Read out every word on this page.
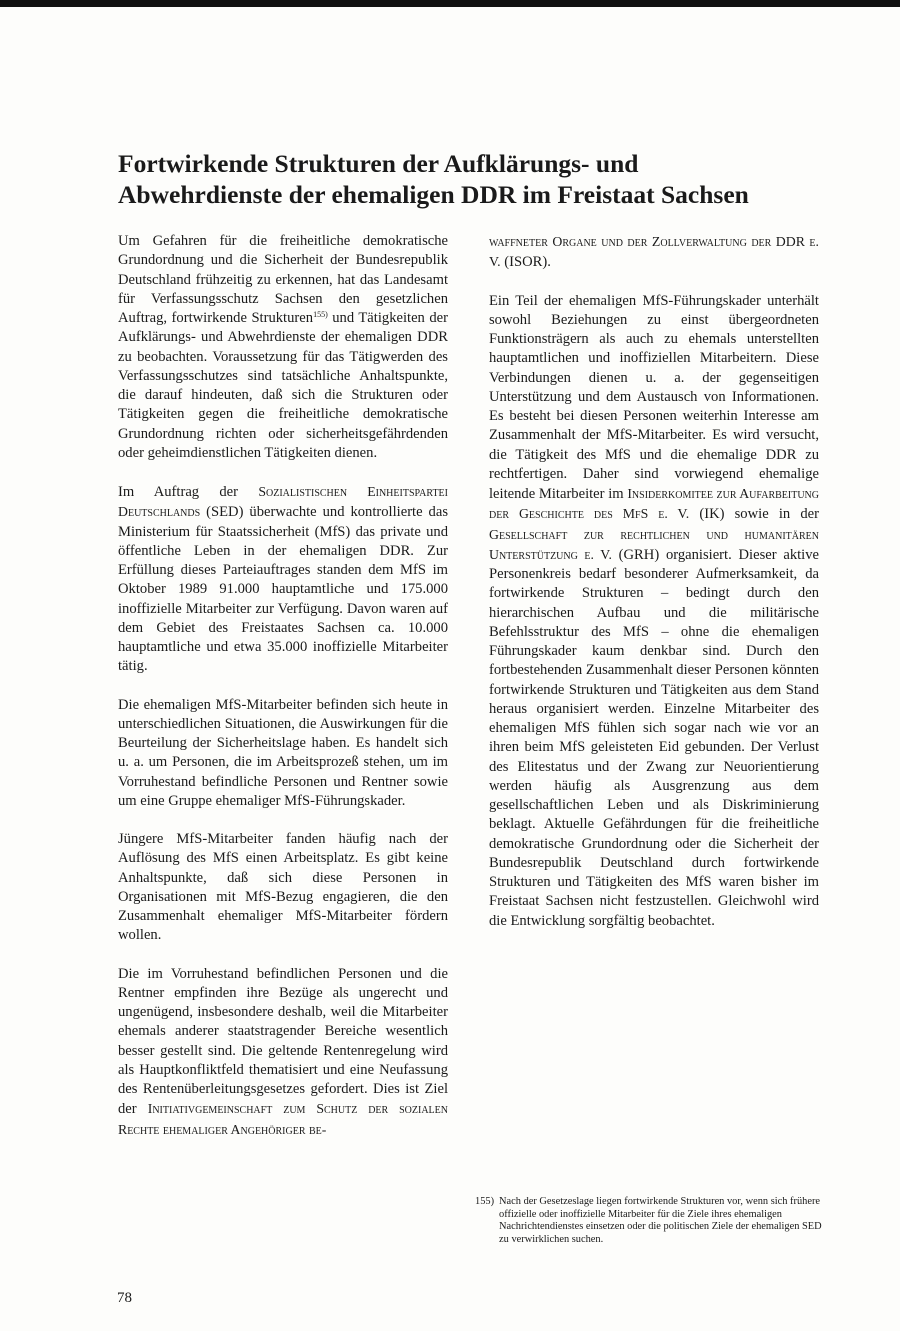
Fortwirkende Strukturen der Aufklärungs- und
Abwehrdienste der ehemaligen DDR im Freistaat Sachsen

Um Gefahren für die freiheitliche demokratische Grundordnung und die Sicherheit der Bundesrepublik Deutschland frühzeitig zu erkennen, hat das Landesamt für Verfassungsschutz Sachsen den gesetzlichen Auftrag, fortwirkende Strukturen$^{155)}$ und Tätigkeiten der Aufklärungs- und Abwehrdienste der ehemaligen DDR zu beobachten. Voraussetzung für das Tätigwerden des Verfassungsschutzes sind tatsächliche Anhaltspunkte, die darauf hindeuten, daß sich die Strukturen oder Tätigkeiten gegen die freiheitliche demokratische Grundordnung richten oder sicherheitsgefährdenden oder geheimdienstlichen Tätigkeiten dienen.

Im Auftrag der Sozialistischen Einheitspartei Deutschlands (SED) überwachte und kontrollierte das Ministerium für Staatssicherheit (MfS) das private und öffentliche Leben in der ehemaligen DDR. Zur Erfüllung dieses Parteiauftrages standen dem MfS im Oktober 1989 91.000 hauptamtliche und 175.000 inoffizielle Mitarbeiter zur Verfügung. Davon waren auf dem Gebiet des Freistaates Sachsen ca. 10.000 hauptamtliche und etwa 35.000 inoffizielle Mitarbeiter tätig.

Die ehemaligen MfS-Mitarbeiter befinden sich heute in unterschiedlichen Situationen, die Auswirkungen für die Beurteilung der Sicherheitslage haben. Es handelt sich u. a. um Personen, die im Arbeitsprozeß stehen, um im Vorruhestand befindliche Personen und Rentner sowie um eine Gruppe ehemaliger MfS-Führungskader.

Jüngere MfS-Mitarbeiter fanden häufig nach der Auflösung des MfS einen Arbeitsplatz. Es gibt keine Anhaltspunkte, daß sich diese Personen in Organisationen mit MfS-Bezug engagieren, die den Zusammenhalt ehemaliger MfS-Mitarbeiter fördern wollen.

Die im Vorruhestand befindlichen Personen und die Rentner empfinden ihre Bezüge als ungerecht und ungenügend, insbesondere deshalb, weil die Mitarbeiter ehemals anderer staatstragender Bereiche wesentlich besser gestellt sind. Die geltende Rentenregelung wird als Hauptkonfliktfeld thematisiert und eine Neufassung des Rentenüberleitungsgesetzes gefordert. Dies ist Ziel der Initiativgemeinschaft zum Schutz der sozialen Rechte ehemaliger Angehöriger be-

waffneter Organe und der Zollverwaltung der DDR e. V. (ISOR).

Ein Teil der ehemaligen MfS-Führungskader unterhält sowohl Beziehungen zu einst übergeordneten Funktionsträgern als auch zu ehemals unterstellten hauptamtlichen und inoffiziellen Mitarbeitern. Diese Verbindungen dienen u. a. der gegenseitigen Unterstützung und dem Austausch von Informationen. Es besteht bei diesen Personen weiterhin Interesse am Zusammenhalt der MfS-Mitarbeiter. Es wird versucht, die Tätigkeit des MfS und die ehemalige DDR zu rechtfertigen. Daher sind vorwiegend ehemalige leitende Mitarbeiter im Insiderkomitee zur Aufarbeitung der Geschichte des MfS e. V. (IK) sowie in der Gesellschaft zur rechtlichen und humanitären Unterstützung e. V. (GRH) organisiert. Dieser aktive Personenkreis bedarf besonderer Aufmerksamkeit, da fortwirkende Strukturen – bedingt durch den hierarchischen Aufbau und die militärische Befehlsstruktur des MfS – ohne die ehemaligen Führungskader kaum denkbar sind. Durch den fortbestehenden Zusammenhalt dieser Personen könnten fortwirkende Strukturen und Tätigkeiten aus dem Stand heraus organisiert werden. Einzelne Mitarbeiter des ehemaligen MfS fühlen sich sogar nach wie vor an ihren beim MfS geleisteten Eid gebunden. Der Verlust des Elitestatus und der Zwang zur Neuorientierung werden häufig als Ausgrenzung aus dem gesellschaftlichen Leben und als Diskriminierung beklagt. Aktuelle Gefährdungen für die freiheitliche demokratische Grundordnung oder die Sicherheit der Bundesrepublik Deutschland durch fortwirkende Strukturen und Tätigkeiten des MfS waren bisher im Freistaat Sachsen nicht festzustellen. Gleichwohl wird die Entwicklung sorgfältig beobachtet.

155) Nach der Gesetzeslage liegen fortwirkende Strukturen vor, wenn sich frühere offizielle oder inoffizielle Mitarbeiter für die Ziele ihres ehemaligen Nachrichtendienstes einsetzen oder die politischen Ziele der ehemaligen SED zu verwirklichen suchen.

78
